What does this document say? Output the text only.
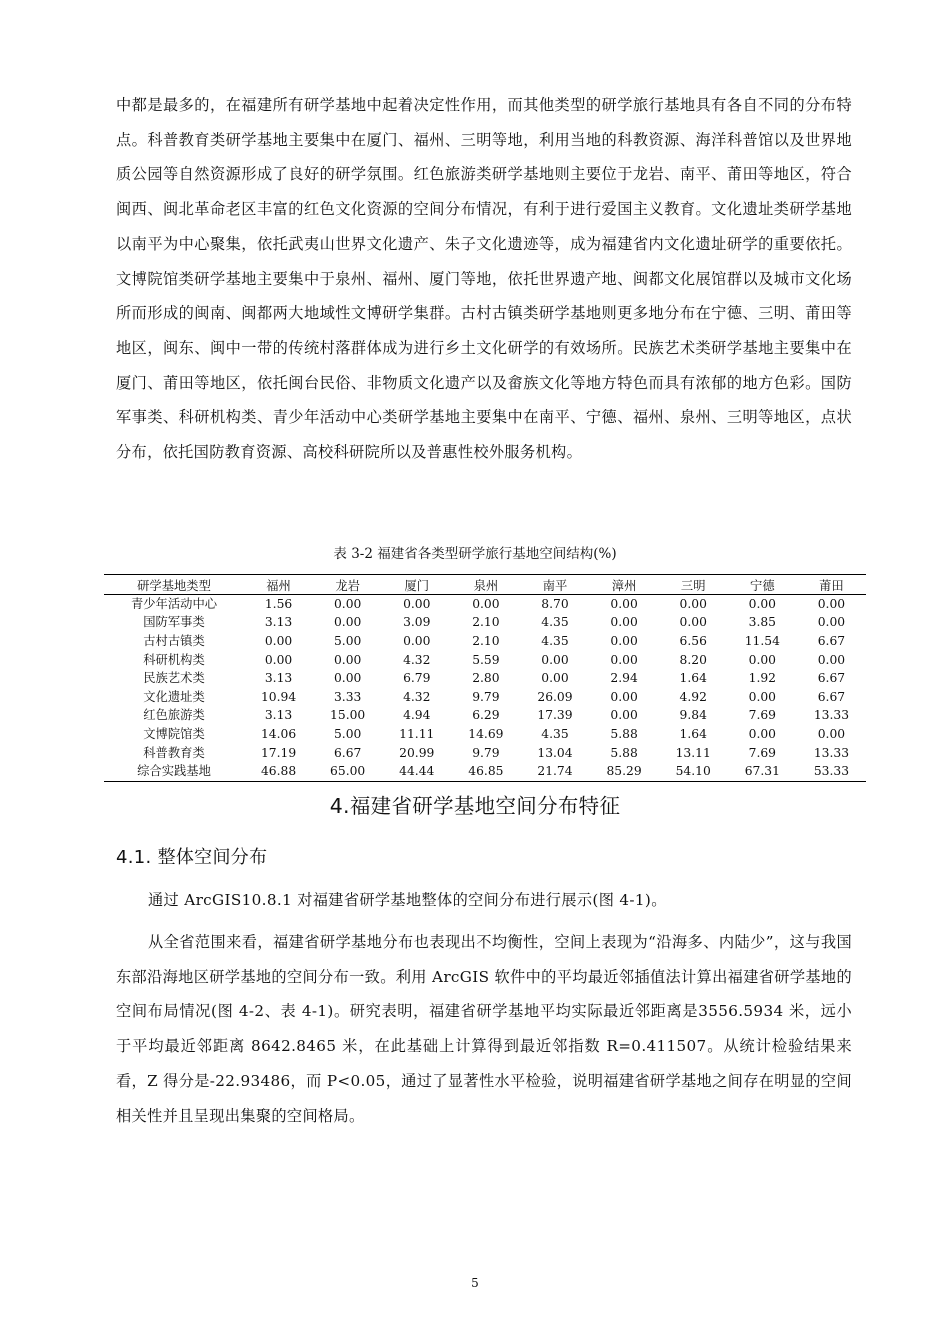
中都是最多的，在福建所有研学基地中起着决定性作用，而其他类型的研学旅行基地具有各自不同的分布特点。科普教育类研学基地主要集中在厦门、福州、三明等地，利用当地的科教资源、海洋科普馆以及世界地质公园等自然资源形成了良好的研学氛围。红色旅游类研学基地则主要位于龙岩、南平、莆田等地区，符合闽西、闽北革命老区丰富的红色文化资源的空间分布情况，有利于进行爱国主义教育。文化遗址类研学基地以南平为中心聚集，依托武夷山世界文化遗产、朱子文化遗迹等，成为福建省内文化遗址研学的重要依托。文博院馆类研学基地主要集中于泉州、福州、厦门等地，依托世界遗产地、闽都文化展馆群以及城市文化场所而形成的闽南、闽都两大地域性文博研学集群。古村古镇类研学基地则更多地分布在宁德、三明、莆田等地区，闽东、闽中一带的传统村落群体成为进行乡土文化研学的有效场所。民族艺术类研学基地主要集中在厦门、莆田等地区，依托闽台民俗、非物质文化遗产以及畲族文化等地方特色而具有浓郁的地方色彩。国防军事类、科研机构类、青少年活动中心类研学基地主要集中在南平、宁德、福州、泉州、三明等地区，点状分布，依托国防教育资源、高校科研院所以及普惠性校外服务机构。

表 3-2 福建省各类型研学旅行基地空间结构(%)
研学基地类型	福州	龙岩	厦门	泉州	南平	漳州	三明	宁德	莆田
青少年活动中心	1.56	0.00	0.00	0.00	8.70	0.00	0.00	0.00	0.00
国防军事类	3.13	0.00	3.09	2.10	4.35	0.00	0.00	3.85	0.00
古村古镇类	0.00	5.00	0.00	2.10	4.35	0.00	6.56	11.54	6.67
科研机构类	0.00	0.00	4.32	5.59	0.00	0.00	8.20	0.00	0.00
民族艺术类	3.13	0.00	6.79	2.80	0.00	2.94	1.64	1.92	6.67
文化遗址类	10.94	3.33	4.32	9.79	26.09	0.00	4.92	0.00	6.67
红色旅游类	3.13	15.00	4.94	6.29	17.39	0.00	9.84	7.69	13.33
文博院馆类	14.06	5.00	11.11	14.69	4.35	5.88	1.64	0.00	0.00
科普教育类	17.19	6.67	20.99	9.79	13.04	5.88	13.11	7.69	13.33
综合实践基地	46.88	65.00	44.44	46.85	21.74	85.29	54.10	67.31	53.33
4.福建省研学基地空间分布特征
4.1. 整体空间分布

通过 ArcGIS10.8.1 对福建省研学基地整体的空间分布进行展示(图 4-1)。

从全省范围来看，福建省研学基地分布也表现出不均衡性，空间上表现为“沿海多、内陆少”，这与我国东部沿海地区研学基地的空间分布一致。利用 ArcGIS 软件中的平均最近邻插值法计算出福建省研学基地的空间布局情况(图 4-2、表 4-1)。研究表明，福建省研学基地平均实际最近邻距离是3556.5934 米，远小于平均最近邻距离 8642.8465 米，在此基础上计算得到最近邻指数 R=0.411507。从统计检验结果来看，Z 得分是-22.93486，而 P<0.05，通过了显著性水平检验，说明福建省研学基地之间存在明显的空间相关性并且呈现出集聚的空间格局。

5
